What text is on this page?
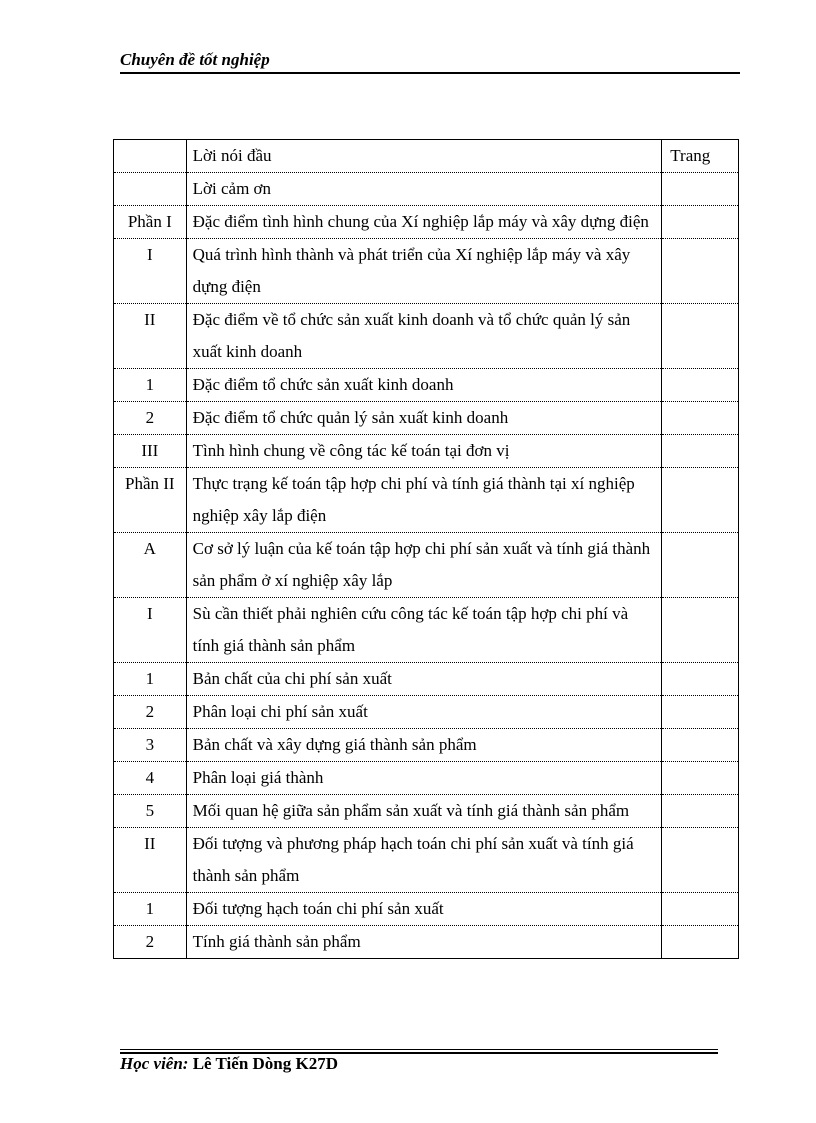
Chuyên đề tốt nghiệp
	Lời nói đầu	Trang
	Lời cảm ơn	
Phần I	Đặc điểm tình hình chung của Xí nghiệp lắp máy và xây dựng điện	
I	Quá trình hình thành và phát triển của Xí nghiệp lắp máy và xây dựng điện	
II	Đặc điểm về tổ chức sản xuất kinh doanh và tổ chức quản lý sản xuất kinh doanh	
1	Đặc điểm tổ chức sản xuất kinh doanh	
2	Đặc điểm tổ chức quản lý sản xuất kinh doanh	
III	Tình hình chung về công tác kế toán tại đơn vị	
Phần II	Thực trạng kế toán tập hợp chi phí và tính giá thành tại xí nghiệp nghiệp xây lắp điện	
A	Cơ sở lý luận của kế toán tập hợp chi phí sản xuất và tính giá thành sản phẩm ở xí nghiệp xây lắp	
I	Sù cần thiết phải nghiên cứu công tác kế toán tập hợp chi phí và tính giá thành sản phẩm	
1	Bản chất của chi phí sản xuất	
2	Phân loại chi phí sản xuất	
3	Bản chất và xây dựng giá thành sản phẩm	
4	Phân loại giá thành	
5	Mối quan hệ giữa sản phẩm sản xuất và tính giá thành sản phẩm	
II	Đối tượng và phương pháp hạch toán chi phí sản xuất và tính giá thành sản phẩm	
1	Đối tượng hạch toán chi phí sản xuất	
2	Tính giá thành sản phẩm	
Học viên: Lê Tiến Dòng K27D
